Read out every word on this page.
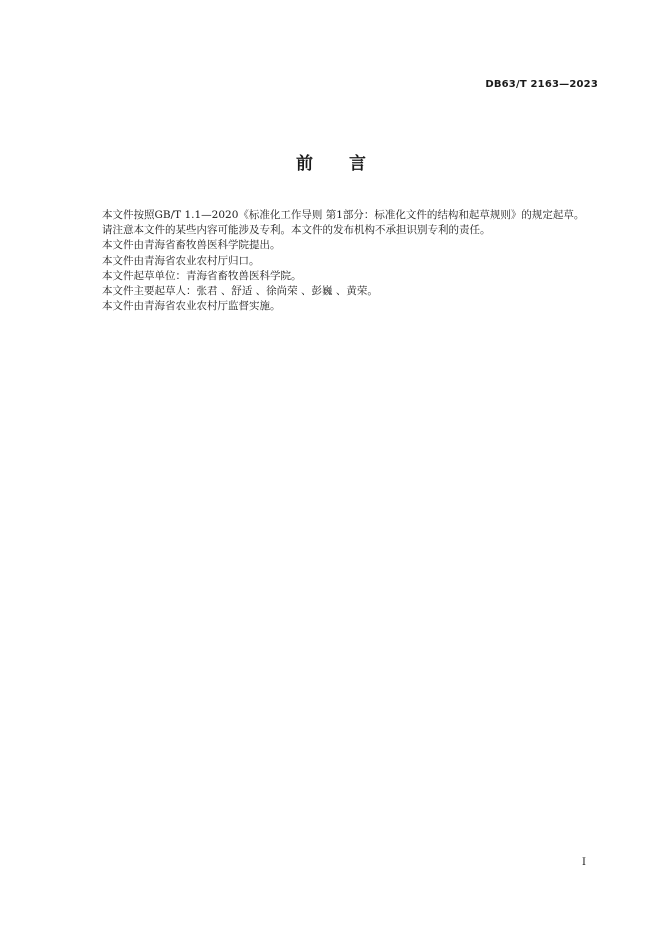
DB63/T 2163—2023
前 言

本文件按照GB/T 1.1—2020《标准化工作导则 第1部分：标准化文件的结构和起草规则》的规定起草。

请注意本文件的某些内容可能涉及专利。本文件的发布机构不承担识别专利的责任。

本文件由青海省畜牧兽医科学院提出。

本文件由青海省农业农村厅归口。

本文件起草单位：青海省畜牧兽医科学院。

本文件主要起草人：张君 、舒适 、徐尚荣 、彭巍 、黄荣。

本文件由青海省农业农村厅监督实施。

I
